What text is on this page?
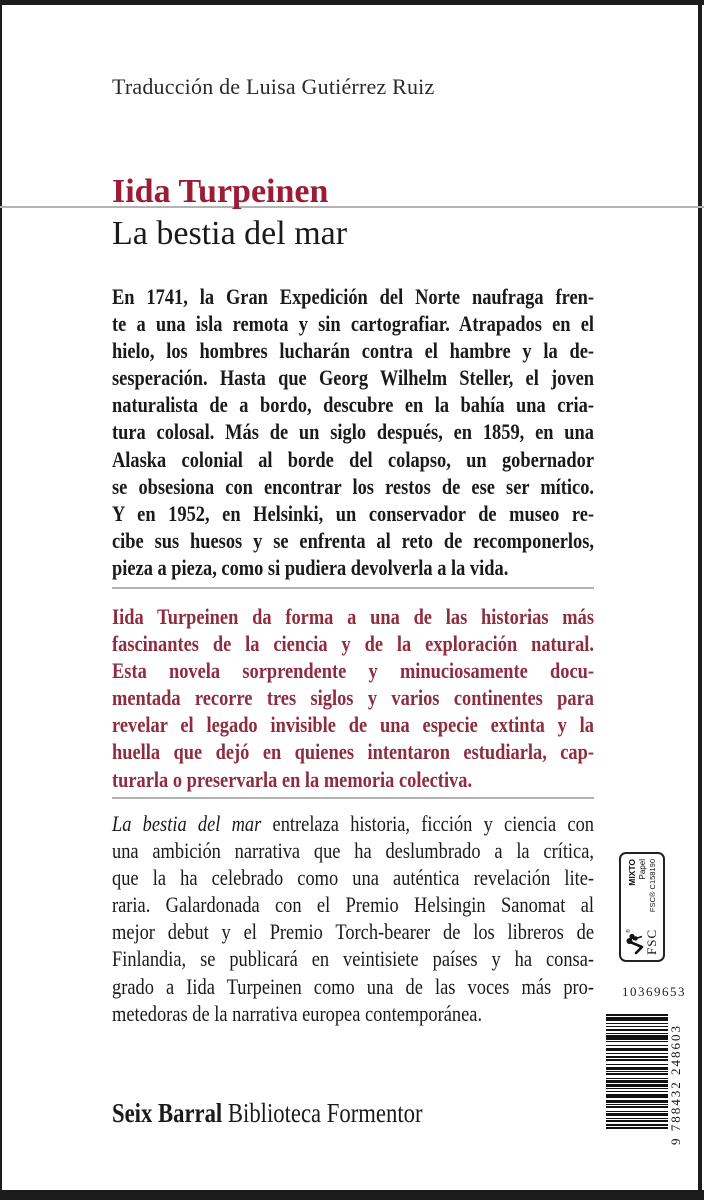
Traducción de Luisa Gutiérrez Ruiz
Iida Turpeinen
La bestia del mar
En 1741, la Gran Expedición del Norte naufraga fren-
te a una isla remota y sin cartografiar. Atrapados en el
hielo, los hombres lucharán contra el hambre y la de-
sesperación. Hasta que Georg Wilhelm Steller, el joven
naturalista de a bordo, descubre en la bahía una cria-
tura colosal. Más de un siglo después, en 1859, en una
Alaska colonial al borde del colapso, un gobernador
se obsesiona con encontrar los restos de ese ser mítico.
Y en 1952, en Helsinki, un conservador de museo re-
cibe sus huesos y se enfrenta al reto de recomponerlos,
pieza a pieza, como si pudiera devolverla a la vida.
Iida Turpeinen da forma a una de las historias más
fascinantes de la ciencia y de la exploración natural.
Esta novela sorprendente y minuciosamente docu-
mentada recorre tres siglos y varios continentes para
revelar el legado invisible de una especie extinta y la
huella que dejó en quienes intentaron estudiarla, cap-
turarla o preservarla en la memoria colectiva.
La bestia del mar entrelaza historia, ficción y ciencia con
una ambición narrativa que ha deslumbrado a la crítica,
que la ha celebrado como una auténtica revelación lite-
raria. Galardonada con el Premio Helsingin Sanomat al
mejor debut y el Premio Torch-bearer de los libreros de
Finlandia, se publicará en veintisiete países y ha consa-
grado a Iida Turpeinen como una de las voces más pro-
metedoras de la narrativa europea contemporánea.
Seix Barral Biblioteca Formentor
® FSC
MIXTO Papel FSC® C158190
10369653
9 788432 248603
